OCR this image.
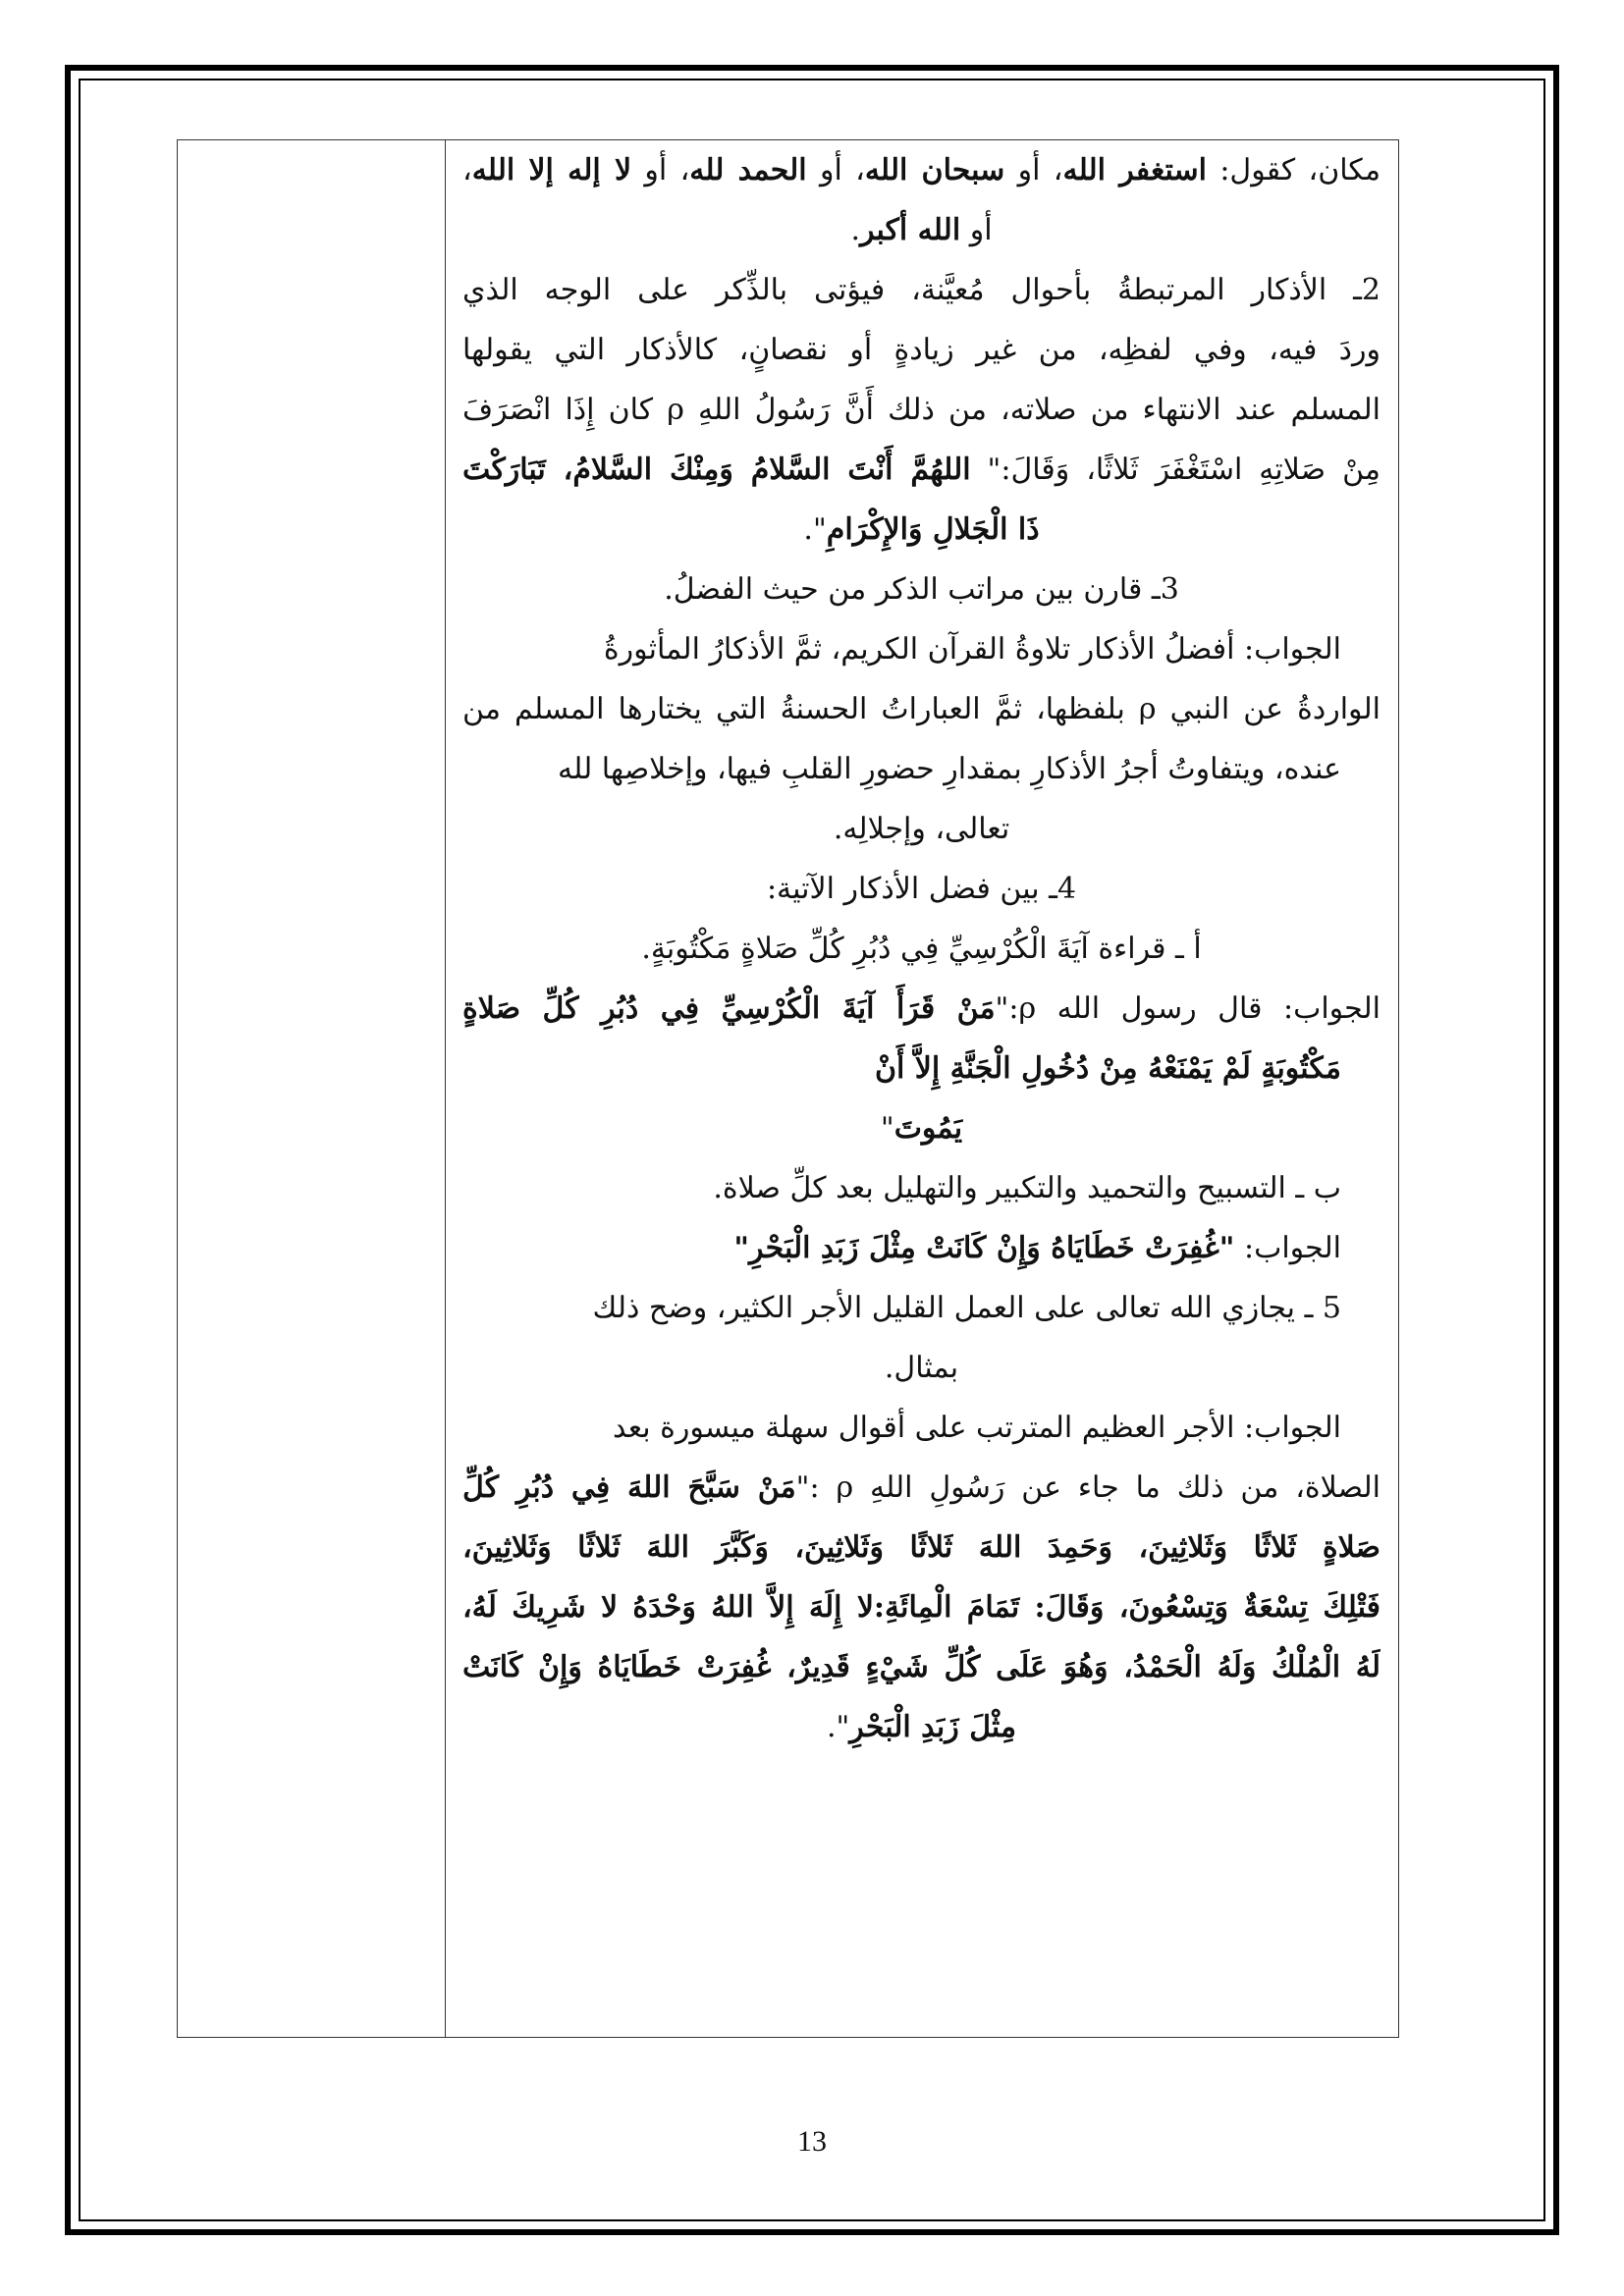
مكان، كقول: استغفر الله، أو سبحان الله، أو الحمد لله، أو لا إله إلا الله،
أو الله أكبر.
2ـ الأذكار المرتبطةُ بأحوال مُعيَّنة، فيؤتى بالذِّكر على الوجه الذي
وردَ فيه، وفي لفظِه، من غير زيادةٍ أو نقصانٍ، كالأذكار التي يقولها
المسلم عند الانتهاء من صلاته، من ذلك أَنَّ رَسُولُ اللهِ ρ كان إِذَا انْصَرَفَ
مِنْ صَلاتِهِ اسْتَغْفَرَ ثَلاثًا، وَقَالَ:" اللهُمَّ أَنْتَ السَّلامُ وَمِنْكَ السَّلامُ، تَبَارَكْتَ
ذَا الْجَلالِ وَالإِكْرَامِ".
3ـ قارن بين مراتب الذكر من حيث الفضلُ.
الجواب: أفضلُ الأذكار تلاوةُ القرآن الكريم، ثمَّ الأذكارُ المأثورةُ
الواردةُ عن النبي ρ بلفظها، ثمَّ العباراتُ الحسنةُ التي يختارها المسلم من
عنده، ويتفاوتُ أجرُ الأذكارِ بمقدارِ حضورِ القلبِ فيها، وإخلاصِها لله
تعالى، وإجلالِه.
4ـ بين فضل الأذكار الآتية:
أ ـ قراءة آيَةَ الْكُرْسِيِّ فِي دُبُرِ كُلِّ صَلاةٍ مَكْتُوبَةٍ.
الجواب: قال رسول الله ρ:"مَنْ قَرَأَ آيَةَ الْكُرْسِيِّ فِي دُبُرِ كُلِّ صَلاةٍ
مَكْتُوبَةٍ لَمْ يَمْنَعْهُ مِنْ دُخُولِ الْجَنَّةِ إِلاَّ أَنْ
يَمُوتَ"
ب ـ التسبيح والتحميد والتكبير والتهليل بعد كلِّ صلاة.
الجواب: "غُفِرَتْ خَطَايَاهُ وَإِنْ كَانَتْ مِثْلَ زَبَدِ الْبَحْرِ"
5 ـ يجازي الله تعالى على العمل القليل الأجر الكثير، وضح ذلك
بمثال.
الجواب: الأجر العظيم المترتب على أقوال سهلة ميسورة بعد
الصلاة، من ذلك ما جاء عن رَسُولِ اللهِ ρ :"مَنْ سَبَّحَ اللهَ فِي دُبُرِ كُلِّ
صَلاةٍ ثَلاثًا وَثَلاثِينَ، وَحَمِدَ اللهَ ثَلاثًا وَثَلاثِينَ، وَكَبَّرَ اللهَ ثَلاثًا وَثَلاثِينَ،
فَتْلِكَ تِسْعَةٌ وَتِسْعُونَ، وَقَالَ: تَمَامَ الْمِائَةِ:لا إِلَهَ إِلاَّ اللهُ وَحْدَهُ لا شَرِيكَ لَهُ،
لَهُ الْمُلْكُ وَلَهُ الْحَمْدُ، وَهُوَ عَلَى كُلِّ شَيْءٍ قَدِيرٌ، غُفِرَتْ خَطَايَاهُ وَإِنْ كَانَتْ
مِثْلَ زَبَدِ الْبَحْرِ".
13
